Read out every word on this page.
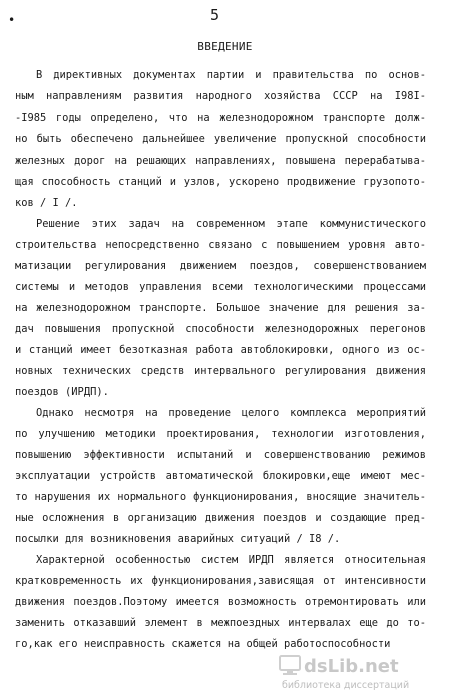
•	5
ВВЕДЕНИЕ
В директивных документах партии и правительства по основ-
ным направлениям развития народного хозяйства СССР на I98I-
-I985 годы определено, что на железнодорожном транспорте долж-
но быть обеспечено дальнейшее увеличение пропускной способности
железных дорог на решающих направлениях, повышена перерабатыва-
щая способность станций и узлов, ускорено продвижение грузопото-
ков / I /.
Решение этих задач на современном этапе коммунистического
строительства непосредственно связано с повышением уровня авто-
матизации регулирования движением поездов, совершенствованием
системы и методов управления всеми технологическими процессами
на железнодорожном транспорте. Большое значение для решения за-
дач повышения пропускной способности железнодорожных перегонов
и станций имеет безотказная работа автоблокировки, одного из ос-
новных технических средств интервального регулирования движения
поездов (ИРДП).
Однако несмотря на проведение целого комплекса мероприятий
по улучшению методики проектирования, технологии изготовления,
повышению эффективности испытаний и совершенствованию режимов
эксплуатации устройств автоматической блокировки,еще имеют мес-
то нарушения их нормального функционирования, вносящие значитель-
ные осложнения в организацию движения поездов и создающие пред-
посылки для возникновения аварийных ситуаций / I8 /.
Характерной особенностью систем ИРДП является относительная
кратковременность их функционирования,зависящая от интенсивности
движения поездов.Поэтому имеется возможность отремонтировать или
заменить отказавший элемент в межпоездных интервалах еще до то-
го,как его неисправность скажется на общей работоспособности
dsLib.net
библиотека диссертаций
